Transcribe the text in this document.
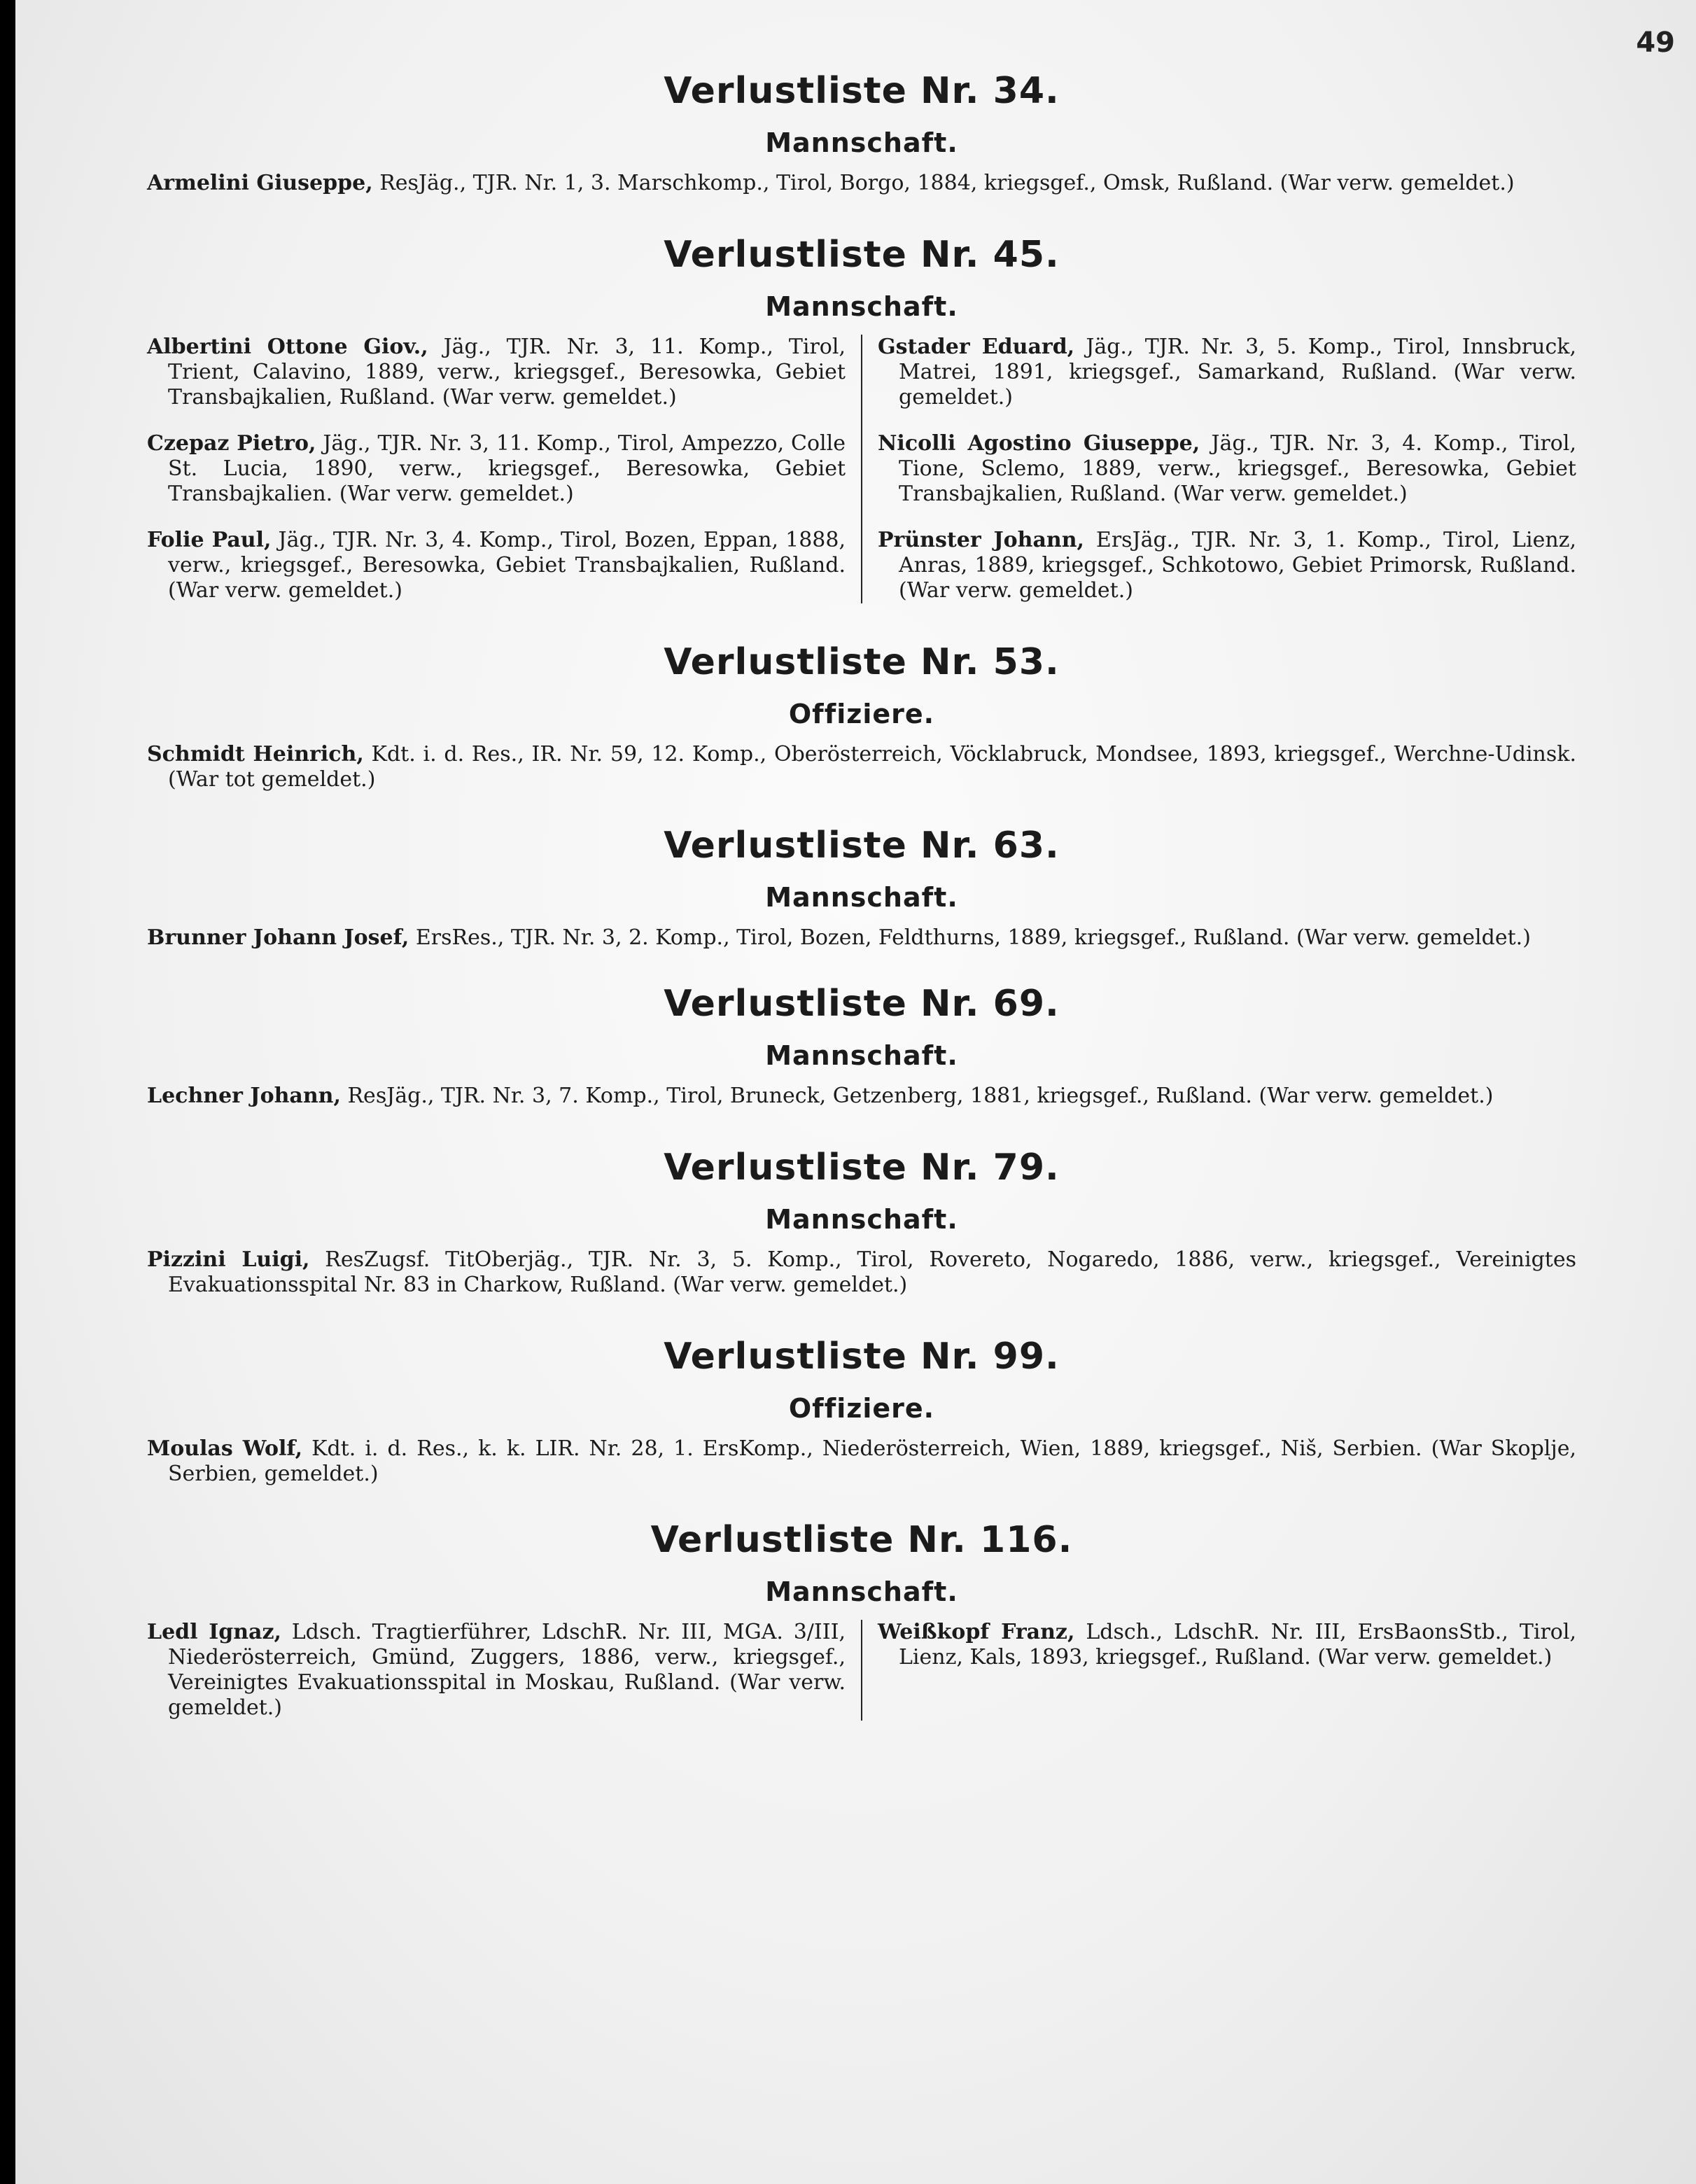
49
Verlustliste Nr. 34.
Mannschaft.

Armelini Giuseppe, ResJäg., TJR. Nr. 1, 3. Marschkomp., Tirol, Borgo, 1884, kriegsgef., Omsk, Rußland. (War verw. gemeldet.)

Verlustliste Nr. 45.
Mannschaft.

Albertini Ottone Giov., Jäg., TJR. Nr. 3, 11. Komp., Tirol, Trient, Calavino, 1889, verw., kriegsgef., Beresowka, Gebiet Transbajkalien, Rußland. (War verw. gemeldet.)

Czepaz Pietro, Jäg., TJR. Nr. 3, 11. Komp., Tirol, Ampezzo, Colle St. Lucia, 1890, verw., kriegsgef., Beresowka, Gebiet Transbajkalien. (War verw. gemeldet.)

Folie Paul, Jäg., TJR. Nr. 3, 4. Komp., Tirol, Bozen, Eppan, 1888, verw., kriegsgef., Beresowka, Gebiet Transbajkalien, Rußland. (War verw. gemeldet.)

Gstader Eduard, Jäg., TJR. Nr. 3, 5. Komp., Tirol, Innsbruck, Matrei, 1891, kriegsgef., Samarkand, Rußland. (War verw. gemeldet.)

Nicolli Agostino Giuseppe, Jäg., TJR. Nr. 3, 4. Komp., Tirol, Tione, Sclemo, 1889, verw., kriegsgef., Beresowka, Gebiet Transbajkalien, Rußland. (War verw. gemeldet.)

Prünster Johann, ErsJäg., TJR. Nr. 3, 1. Komp., Tirol, Lienz, Anras, 1889, kriegsgef., Schkotowo, Gebiet Primorsk, Rußland. (War verw. gemeldet.)

Verlustliste Nr. 53.
Offiziere.

Schmidt Heinrich, Kdt. i. d. Res., IR. Nr. 59, 12. Komp., Oberösterreich, Vöcklabruck, Mondsee, 1893, kriegsgef., Werchne-Udinsk. (War tot gemeldet.)

Verlustliste Nr. 63.
Mannschaft.

Brunner Johann Josef, ErsRes., TJR. Nr. 3, 2. Komp., Tirol, Bozen, Feldthurns, 1889, kriegsgef., Rußland. (War verw. gemeldet.)

Verlustliste Nr. 69.
Mannschaft.

Lechner Johann, ResJäg., TJR. Nr. 3, 7. Komp., Tirol, Bruneck, Getzenberg, 1881, kriegsgef., Rußland. (War verw. gemeldet.)

Verlustliste Nr. 79.
Mannschaft.

Pizzini Luigi, ResZugsf. TitOberjäg., TJR. Nr. 3, 5. Komp., Tirol, Rovereto, Nogaredo, 1886, verw., kriegsgef., Vereinigtes Evakuationsspital Nr. 83 in Charkow, Rußland. (War verw. gemeldet.)

Verlustliste Nr. 99.
Offiziere.

Moulas Wolf, Kdt. i. d. Res., k. k. LIR. Nr. 28, 1. ErsKomp., Niederösterreich, Wien, 1889, kriegsgef., Niš, Serbien. (War Skoplje, Serbien, gemeldet.)

Verlustliste Nr. 116.
Mannschaft.

Ledl Ignaz, Ldsch. Tragtierführer, LdschR. Nr. III, MGA. 3/III, Niederösterreich, Gmünd, Zuggers, 1886, verw., kriegsgef., Vereinigtes Evakuationsspital in Moskau, Rußland. (War verw. gemeldet.)

Weißkopf Franz, Ldsch., LdschR. Nr. III, ErsBaonsStb., Tirol, Lienz, Kals, 1893, kriegsgef., Rußland. (War verw. gemeldet.)
